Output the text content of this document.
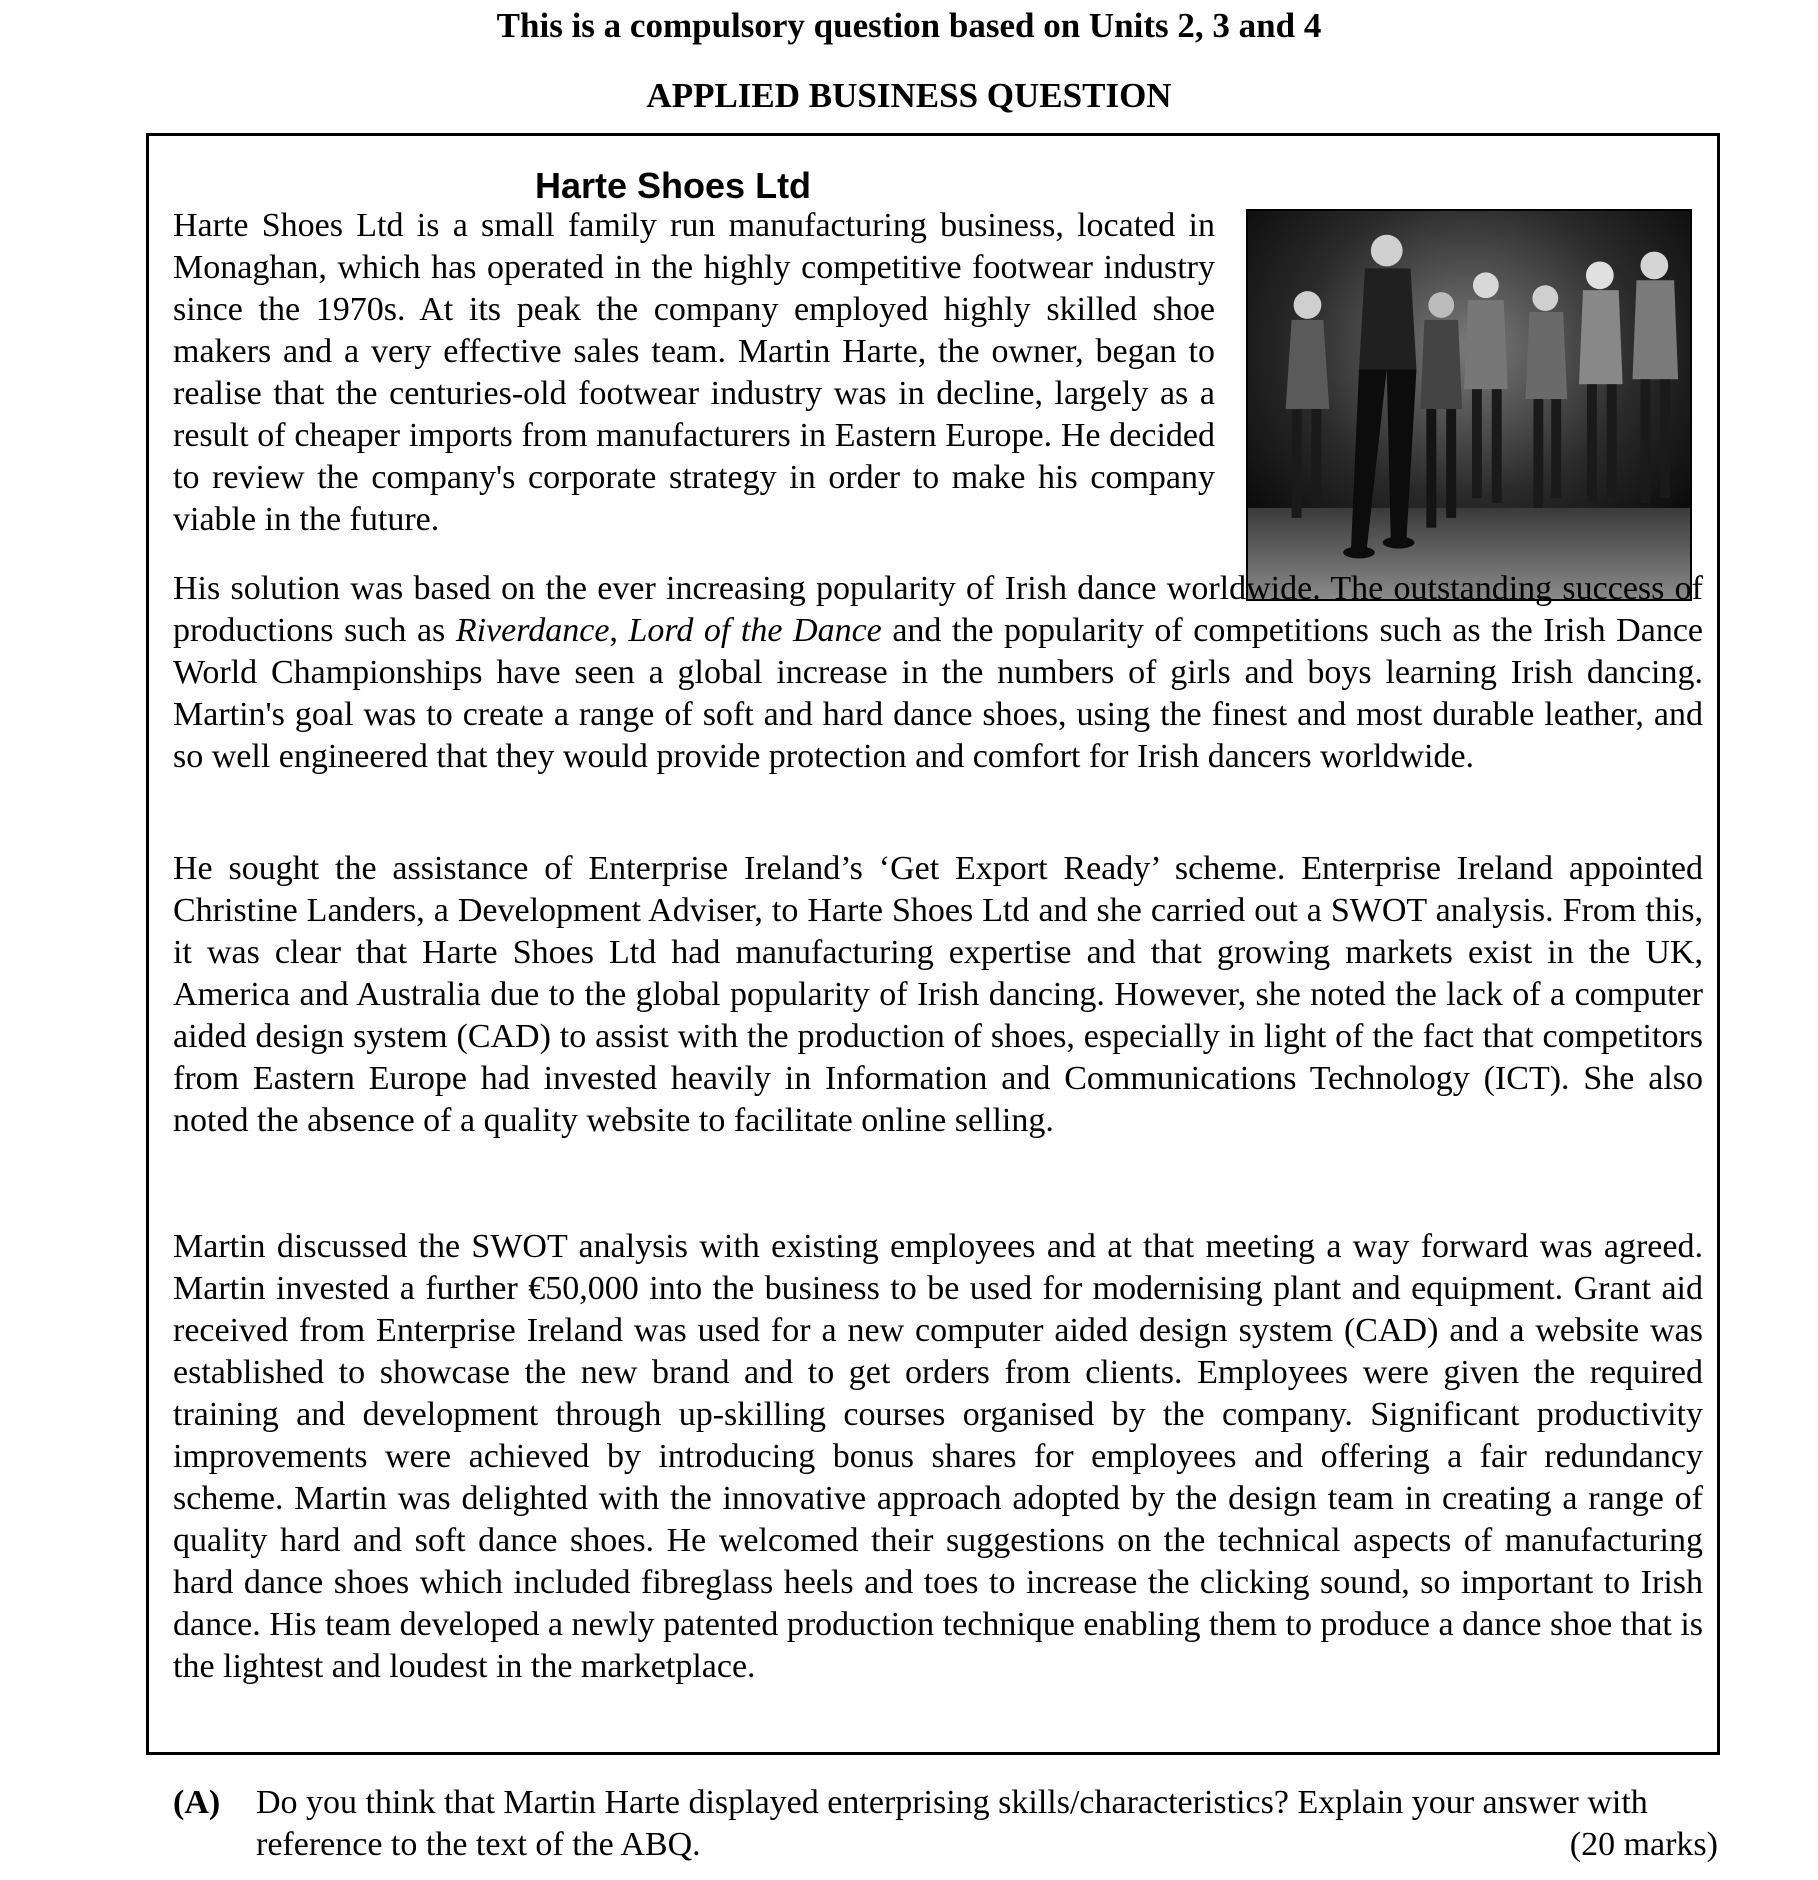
This is a compulsory question based on Units 2, 3 and 4
APPLIED BUSINESS QUESTION
Harte Shoes Ltd

Harte Shoes Ltd is a small family run manufacturing business, located in Monaghan, which has operated in the highly competitive footwear industry since the 1970s. At its peak the company employed highly skilled shoe makers and a very effective sales team. Martin Harte, the owner, began to realise that the centuries-old footwear industry was in decline, largely as a result of cheaper imports from manufacturers in Eastern Europe. He decided to review the company's corporate strategy in order to make his company viable in the future.

His solution was based on the ever increasing popularity of Irish dance worldwide. The outstanding success of productions such as Riverdance, Lord of the Dance and the popularity of competitions such as the Irish Dance World Championships have seen a global increase in the numbers of girls and boys learning Irish dancing. Martin's goal was to create a range of soft and hard dance shoes, using the finest and most durable leather, and so well engineered that they would provide protection and comfort for Irish dancers worldwide.

He sought the assistance of Enterprise Ireland’s ‘Get Export Ready’ scheme. Enterprise Ireland appointed Christine Landers, a Development Adviser, to Harte Shoes Ltd and she carried out a SWOT analysis. From this, it was clear that Harte Shoes Ltd had manufacturing expertise and that growing markets exist in the UK, America and Australia due to the global popularity of Irish dancing. However, she noted the lack of a computer aided design system (CAD) to assist with the production of shoes, especially in light of the fact that competitors from Eastern Europe had invested heavily in Information and Communications Technology (ICT). She also noted the absence of a quality website to facilitate online selling.

Martin discussed the SWOT analysis with existing employees and at that meeting a way forward was agreed. Martin invested a further €50,000 into the business to be used for modernising plant and equipment. Grant aid received from Enterprise Ireland was used for a new computer aided design system (CAD) and a website was established to showcase the new brand and to get orders from clients. Employees were given the required training and development through up-skilling courses organised by the company. Significant productivity improvements were achieved by introducing bonus shares for employees and offering a fair redundancy scheme. Martin was delighted with the innovative approach adopted by the design team in creating a range of quality hard and soft dance shoes. He welcomed their suggestions on the technical aspects of manufacturing hard dance shoes which included fibreglass heels and toes to increase the clicking sound, so important to Irish dance. His team developed a newly patented production technique enabling them to produce a dance shoe that is the lightest and loudest in the marketplace.

(A) Do you think that Martin Harte displayed enterprising skills/characteristics? Explain your answer with reference to the text of the ABQ.	(20 marks)
